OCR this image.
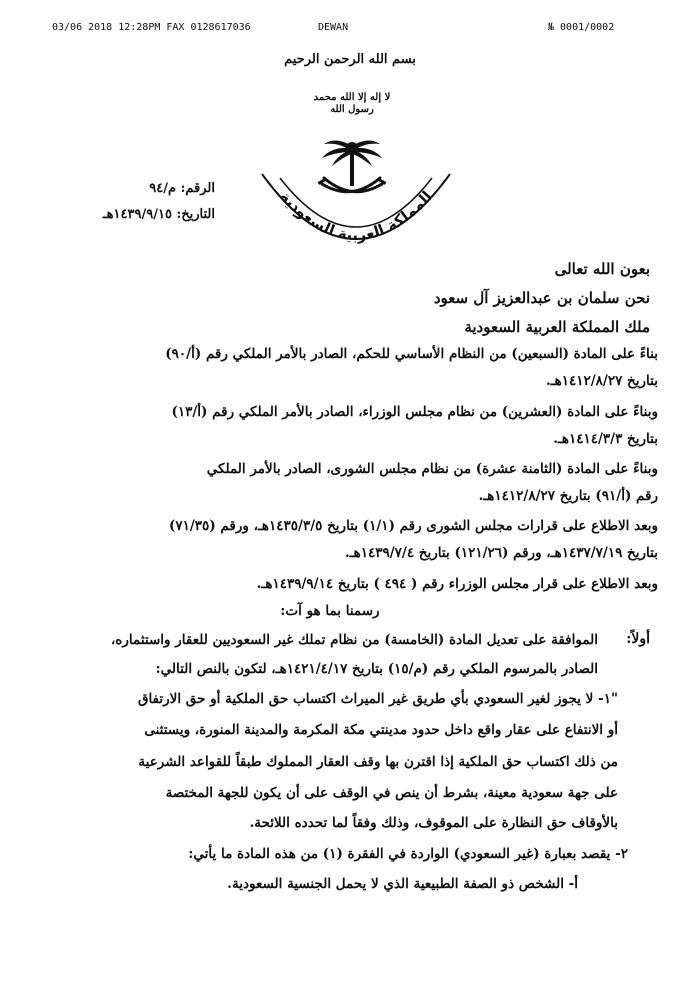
03/06 2018 12:28PM FAX 0128617036	DEWAN	№ 0001/0002
بسم الله الرحمن الرحيم
لا إله إلا الله محمد رسول الله
المملكة العربية السعودية
الرقم: م/٩٤
التاريخ: ١٤٣٩/٩/١٥هـ
بعون الله تعالى
نحن سلمان بن عبدالعزيز آل سعود
ملك المملكة العربية السعودية
بناءً على المادة (السبعين) من النظام الأساسي للحكم، الصادر بالأمر الملكي رقم (أ/٩٠)
بتاريخ ١٤١٢/٨/٢٧هـ.
وبناءً على المادة (العشرين) من نظام مجلس الوزراء، الصادر بالأمر الملكي رقم (أ/١٣)
بتاريخ ١٤١٤/٣/٣هـ.
وبناءً على المادة (الثامنة عشرة) من نظام مجلس الشورى، الصادر بالأمر الملكي
رقم (أ/٩١) بتاريخ ١٤١٢/٨/٢٧هـ.
وبعد الاطلاع على قرارات مجلس الشورى رقم (١/١) بتاريخ ١٤٣٥/٣/٥هـ، ورقم (٧١/٣٥)
بتاريخ ١٤٣٧/٧/١٩هـ، ورقم (١٢١/٢٦) بتاريخ ١٤٣٩/٧/٤هـ.
وبعد الاطلاع على قرار مجلس الوزراء رقم ( ٤٩٤ ) بتاريخ ١٤٣٩/٩/١٤هـ.
رسمنا بما هو آت:
أولاً:
الموافقة على تعديل المادة (الخامسة) من نظام تملك غير السعوديين للعقار واستثماره،
الصادر بالمرسوم الملكي رقم (م/١٥) بتاريخ ١٤٢١/٤/١٧هـ، لتكون بالنص التالي:
"١- لا يجوز لغير السعودي بأي طريق غير الميراث اكتساب حق الملكية أو حق الارتفاق
أو الانتفاع على عقار واقع داخل حدود مدينتي مكة المكرمة والمدينة المنورة، ويستثنى
من ذلك اكتساب حق الملكية إذا اقترن بها وقف العقار المملوك طبقاً للقواعد الشرعية
على جهة سعودية معينة، بشرط أن ينص في الوقف على أن يكون للجهة المختصة
بالأوقاف حق النظارة على الموقوف، وذلك وفقاً لما تحدده اللائحة.
٢- يقصد بعبارة (غير السعودي) الواردة في الفقرة (١) من هذه المادة ما يأتي:
أ- الشخص ذو الصفة الطبيعية الذي لا يحمل الجنسية السعودية.
